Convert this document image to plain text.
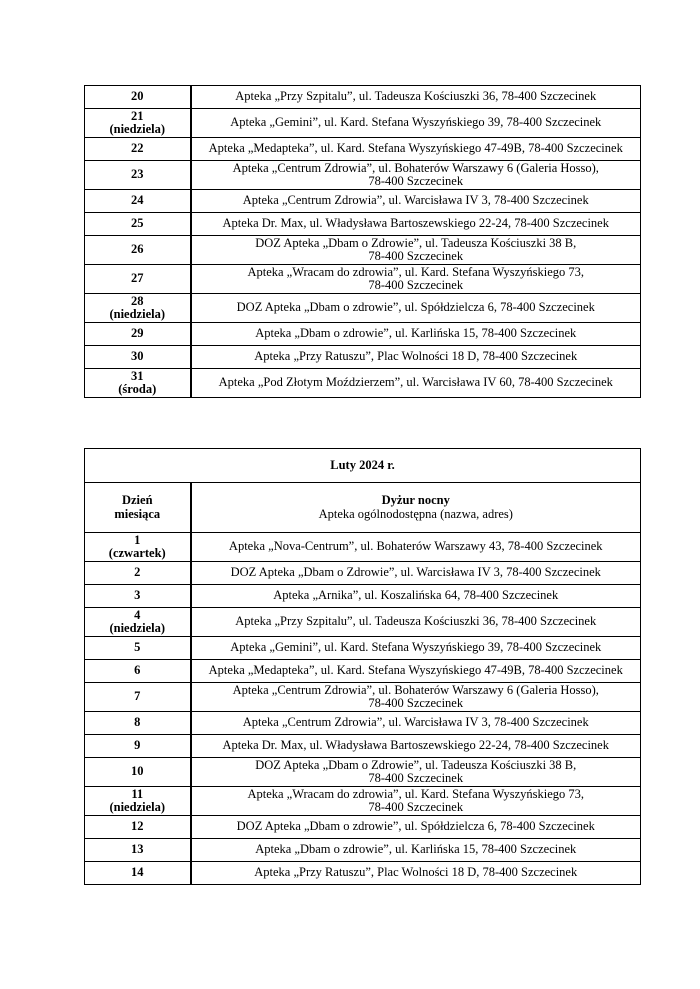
20	Apteka „Przy Szpitalu”, ul. Tadeusza Kościuszki 36, 78-400 Szczecinek

21
(niedziela)	Apteka „Gemini”, ul. Kard. Stefana Wyszyńskiego 39, 78-400 Szczecinek

22	Apteka „Medapteka”, ul. Kard. Stefana Wyszyńskiego 47-49B, 78-400 Szczecinek

23	Apteka „Centrum Zdrowia”, ul. Bohaterów Warszawy 6 (Galeria Hosso),
78-400 Szczecinek

24	Apteka „Centrum Zdrowia”, ul. Warcisława IV 3, 78-400 Szczecinek

25	Apteka Dr. Max, ul. Władysława Bartoszewskiego 22-24, 78-400 Szczecinek

26	DOZ Apteka „Dbam o Zdrowie”, ul. Tadeusza Kościuszki 38 B,
78-400 Szczecinek

27	Apteka „Wracam do zdrowia”, ul. Kard. Stefana Wyszyńskiego 73,
78-400 Szczecinek

28
(niedziela)	DOZ Apteka „Dbam o zdrowie”, ul. Spółdzielcza 6, 78-400 Szczecinek

29	Apteka „Dbam o zdrowie”, ul. Karlińska 15, 78-400 Szczecinek

30	Apteka „Przy Ratuszu”, Plac Wolności 18 D, 78-400 Szczecinek

31
(środa)	Apteka „Pod Złotym Moździerzem”, ul. Warcisława IV 60, 78-400 Szczecinek
Luty 2024 r.	

Dzień
miesiąca	Dyżur nocny
Apteka ogólnodostępna (nazwa, adres)

1
(czwartek)	Apteka „Nova-Centrum”, ul. Bohaterów Warszawy 43, 78-400 Szczecinek

2	DOZ Apteka „Dbam o Zdrowie”, ul. Warcisława IV 3, 78-400 Szczecinek

3	Apteka „Arnika”, ul. Koszalińska 64, 78-400 Szczecinek

4
(niedziela)	Apteka „Przy Szpitalu”, ul. Tadeusza Kościuszki 36, 78-400 Szczecinek

5	Apteka „Gemini”, ul. Kard. Stefana Wyszyńskiego 39, 78-400 Szczecinek

6	Apteka „Medapteka”, ul. Kard. Stefana Wyszyńskiego 47-49B, 78-400 Szczecinek

7	Apteka „Centrum Zdrowia”, ul. Bohaterów Warszawy 6 (Galeria Hosso),
78-400 Szczecinek

8	Apteka „Centrum Zdrowia”, ul. Warcisława IV 3, 78-400 Szczecinek

9	Apteka Dr. Max, ul. Władysława Bartoszewskiego 22-24, 78-400 Szczecinek

10	DOZ Apteka „Dbam o Zdrowie”, ul. Tadeusza Kościuszki 38 B,
78-400 Szczecinek

11
(niedziela)	Apteka „Wracam do zdrowia”, ul. Kard. Stefana Wyszyńskiego 73,
78-400 Szczecinek

12	DOZ Apteka „Dbam o zdrowie”, ul. Spółdzielcza 6, 78-400 Szczecinek

13	Apteka „Dbam o zdrowie”, ul. Karlińska 15, 78-400 Szczecinek

14	Apteka „Przy Ratuszu”, Plac Wolności 18 D, 78-400 Szczecinek
